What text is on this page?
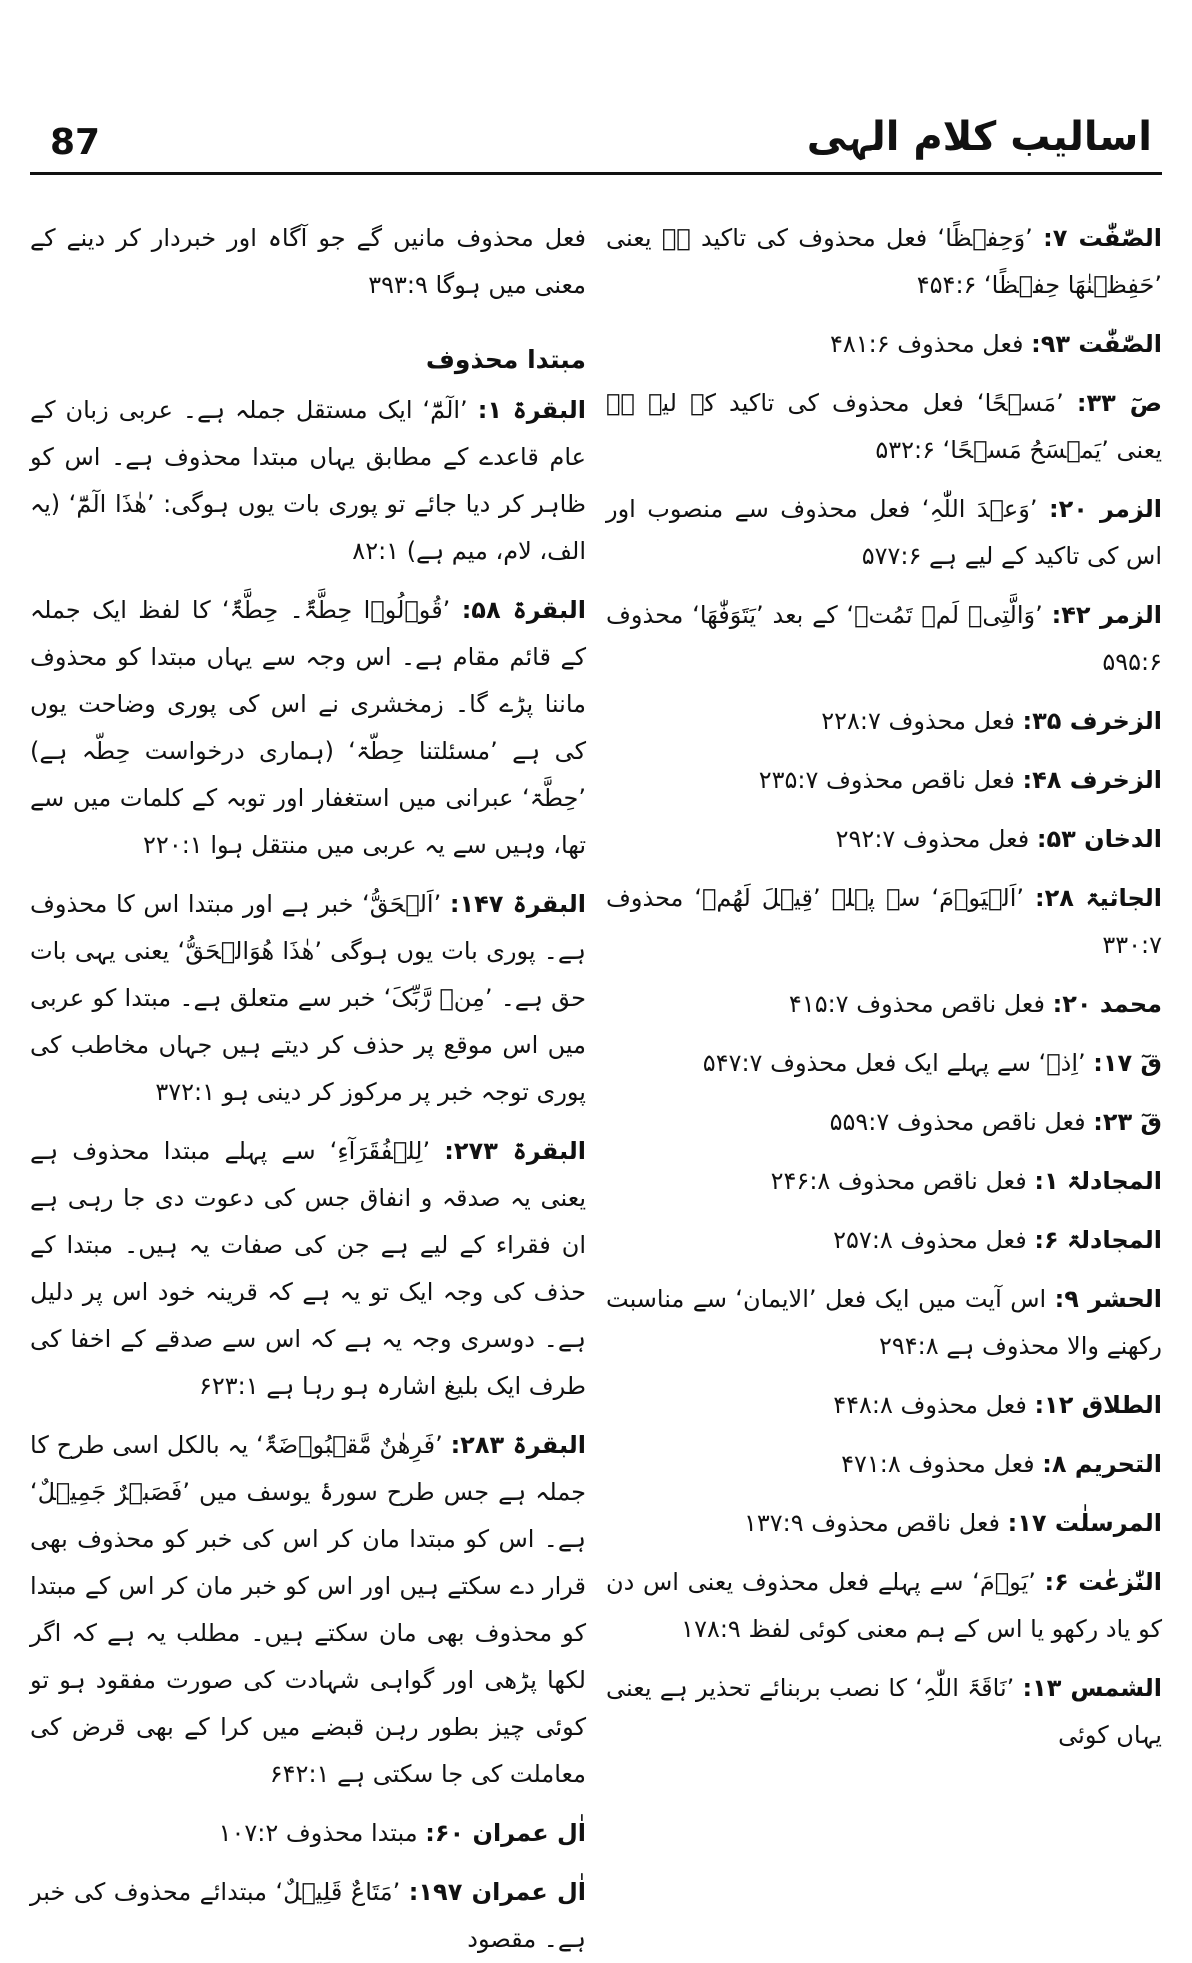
اسالیب کلام الہی
87

الصّٰفّٰت ۷: ’وَحِفۡظًا‘ فعل محذوف کی تاکید ہے یعنی ’حَفِظۡنٰھَا حِفۡظًا‘ ۴۵۴:۶

الصّٰفّٰت ۹۳: فعل محذوف ۴۸۱:۶

صٓ ۳۳: ’مَسۡحًا‘ فعل محذوف کی تاکید کے لیے ہے یعنی ’یَمۡسَحُ مَسۡحًا‘ ۵۳۲:۶

الزمر ۲۰: ’وَعۡدَ اللّٰہِ‘ فعل محذوف سے منصوب اور اس کی تاکید کے لیے ہے ۵۷۷:۶

الزمر ۴۲: ’وَالَّتِیۡ لَمۡ تَمُتۡ‘ کے بعد ’یَتَوَفّٰھَا‘ محذوف ۵۹۵:۶

الزخرف ۳۵: فعل محذوف ۲۲۸:۷

الزخرف ۴۸: فعل ناقص محذوف ۲۳۵:۷

الدخان ۵۳: فعل محذوف ۲۹۲:۷

الجاثیۃ ۲۸: ’اَلۡیَوۡمَ‘ سے پہلے ’قِیۡلَ لَھُمۡ‘ محذوف ۳۳۰:۷

محمد ۲۰: فعل ناقص محذوف ۴۱۵:۷

قٓ ۱۷: ’اِذۡ‘ سے پہلے ایک فعل محذوف ۵۴۷:۷

قٓ ۲۳: فعل ناقص محذوف ۵۵۹:۷

المجادلۃ ۱: فعل ناقص محذوف ۲۴۶:۸

المجادلۃ ۶: فعل محذوف ۲۵۷:۸

الحشر ۹: اس آیت میں ایک فعل ’الایمان‘ سے مناسبت رکھنے والا محذوف ہے ۲۹۴:۸

الطلاق ۱۲: فعل محذوف ۴۴۸:۸

التحریم ۸: فعل محذوف ۴۷۱:۸

المرسلٰت ۱۷: فعل ناقص محذوف ۱۳۷:۹

النّٰزعٰت ۶: ’یَوۡمَ‘ سے پہلے فعل محذوف یعنی اس دن کو یاد رکھو یا اس کے ہم معنی کوئی لفظ ۱۷۸:۹

الشمس ۱۳: ’نَاقَۃَ اللّٰہِ‘ کا نصب بربنائے تحذیر ہے یعنی یہاں کوئی

فعل محذوف مانیں گے جو آگاہ اور خبردار کر دینے کے معنی میں ہوگا ۳۹۳:۹

مبتدا محذوف

البقرۃ ۱: ’الٓمّٓ‘ ایک مستقل جملہ ہے۔ عربی زبان کے عام قاعدے کے مطابق یہاں مبتدا محذوف ہے۔ اس کو ظاہر کر دیا جائے تو پوری بات یوں ہوگی: ’ھٰذَا الٓمّٓ‘ (یہ الف، لام، میم ہے) ۸۲:۱

البقرۃ ۵۸: ’قُوۡلُوۡا حِطَّۃٌ۔ حِطَّۃٌ‘ کا لفظ ایک جملہ کے قائم مقام ہے۔ اس وجہ سے یہاں مبتدا کو محذوف ماننا پڑے گا۔ زمخشری نے اس کی پوری وضاحت یوں کی ہے ’مسئلتنا حِطّۃ‘ (ہماری درخواست حِطّہ ہے) ’حِطَّۃ‘ عبرانی میں استغفار اور توبہ کے کلمات میں سے تھا، وہیں سے یہ عربی میں منتقل ہوا ۲۲۰:۱

البقرۃ ۱۴۷: ’اَلۡحَقُّ‘ خبر ہے اور مبتدا اس کا محذوف ہے۔ پوری بات یوں ہوگی ’ھٰذَا ھُوَالۡحَقُّ‘ یعنی یہی بات حق ہے۔ ’مِنۡ رَّبِّکَ‘ خبر سے متعلق ہے۔ مبتدا کو عربی میں اس موقع پر حذف کر دیتے ہیں جہاں مخاطب کی پوری توجہ خبر پر مرکوز کر دینی ہو ۳۷۲:۱

البقرۃ ۲۷۳: ’لِلۡفُقَرَآءِ‘ سے پہلے مبتدا محذوف ہے یعنی یہ صدقہ و انفاق جس کی دعوت دی جا رہی ہے ان فقراء کے لیے ہے جن کی صفات یہ ہیں۔ مبتدا کے حذف کی وجہ ایک تو یہ ہے کہ قرینہ خود اس پر دلیل ہے۔ دوسری وجہ یہ ہے کہ اس سے صدقے کے اخفا کی طرف ایک بلیغ اشارہ ہو رہا ہے ۶۲۳:۱

البقرۃ ۲۸۳: ’فَرِھٰنٌ مَّقۡبُوۡضَۃٌ‘ یہ بالکل اسی طرح کا جملہ ہے جس طرح سورۂ یوسف میں ’فَصَبۡرٌ جَمِیۡلٌ‘ ہے۔ اس کو مبتدا مان کر اس کی خبر کو محذوف بھی قرار دے سکتے ہیں اور اس کو خبر مان کر اس کے مبتدا کو محذوف بھی مان سکتے ہیں۔ مطلب یہ ہے کہ اگر لکھا پڑھی اور گواہی شہادت کی صورت مفقود ہو تو کوئی چیز بطور رہن قبضے میں کرا کے بھی قرض کی معاملت کی جا سکتی ہے ۶۴۲:۱

اٰل عمران ۶۰: مبتدا محذوف ۱۰۷:۲

اٰل عمران ۱۹۷: ’مَتَاعٌ قَلِیۡلٌ‘ مبتدائے محذوف کی خبر ہے۔ مقصود
